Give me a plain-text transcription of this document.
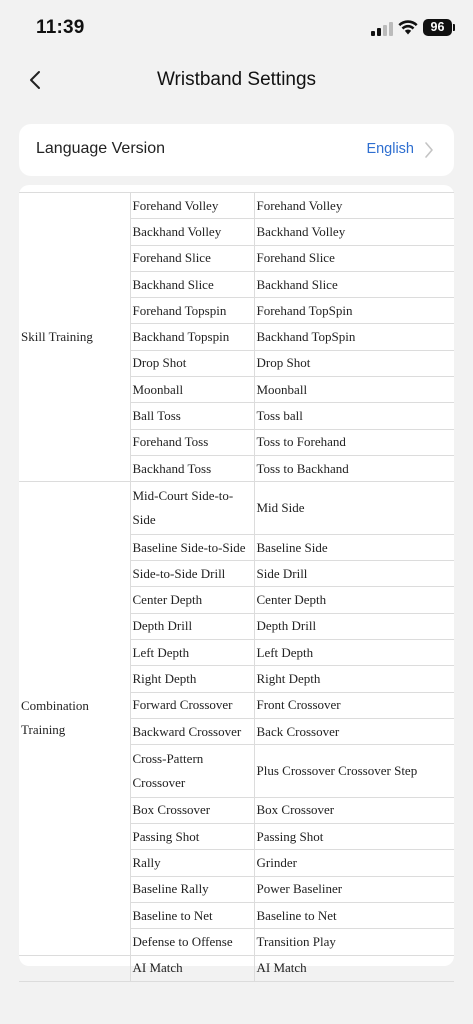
11:39	96
Wristband Settings
Language Version	English
Skill Training	Forehand Volley	Forehand Volley
	Backhand Volley	Backhand Volley
	Forehand Slice	Forehand Slice
	Backhand Slice	Backhand Slice
	Forehand Topspin	Forehand TopSpin
	Backhand Topspin	Backhand TopSpin
	Drop Shot	Drop Shot
	Moonball	Moonball
	Ball Toss	Toss ball
	Forehand Toss	Toss to Forehand
	Backhand Toss	Toss to Backhand
Combination Training	Mid-Court Side-to-Side	Mid Side
	Baseline Side-to-Side	Baseline Side
	Side-to-Side Drill	Side Drill
	Center Depth	Center Depth
	Depth Drill	Depth Drill
	Left Depth	Left Depth
	Right Depth	Right Depth
	Forward Crossover	Front Crossover
	Backward Crossover	Back Crossover
	Cross-Pattern Crossover	Plus Crossover Crossover Step
	Box Crossover	Box Crossover
	Passing Shot	Passing Shot
	Rally	Grinder
	Baseline Rally	Power Baseliner
	Baseline to Net	Baseline to Net
	Defense to Offense	Transition Play
	AI Match	AI Match
